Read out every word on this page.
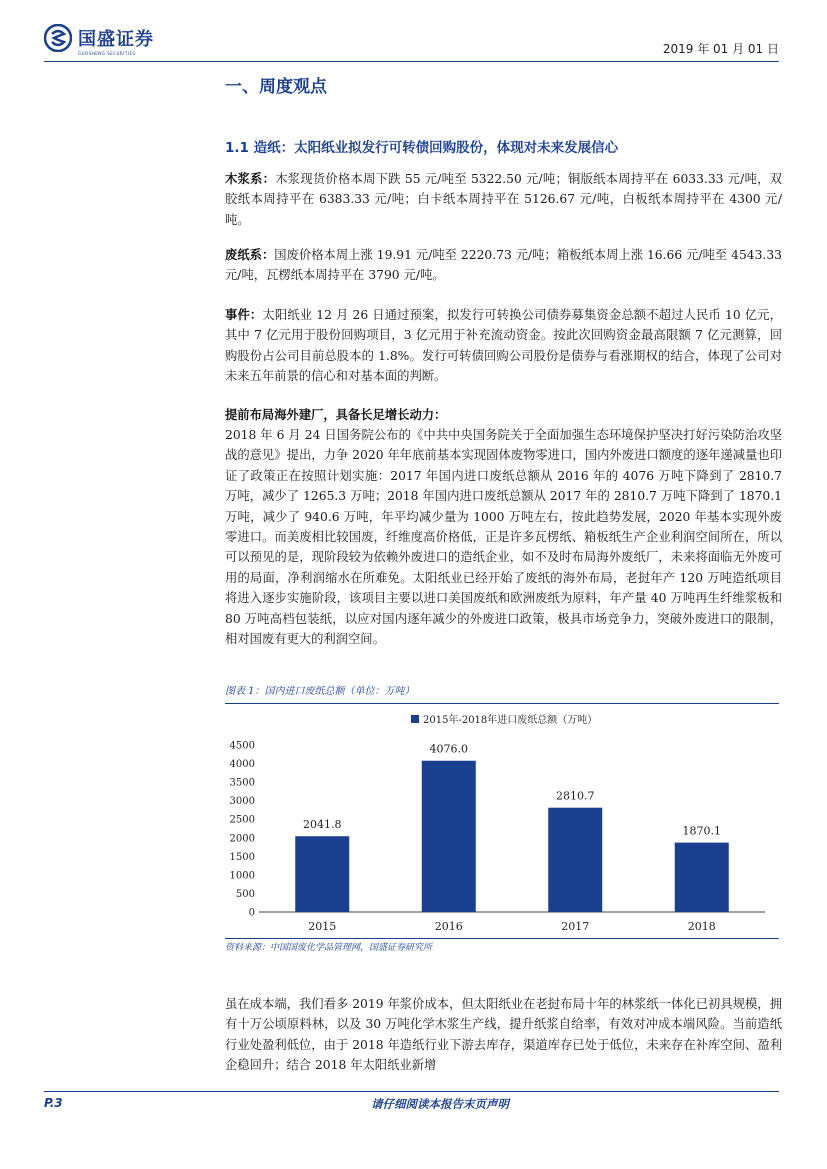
国盛证券
GUOSHENG SECURITIES	2019 年 01 月 01 日
一、周度观点
1.1 造纸：太阳纸业拟发行可转债回购股份，体现对未来发展信心

木浆系：木浆现货价格本周下跌 55 元/吨至 5322.50 元/吨；铜版纸本周持平在 6033.33 元/吨，双胶纸本周持平在 6383.33 元/吨；白卡纸本周持平在 5126.67 元/吨，白板纸本周持平在 4300 元/吨。

废纸系：国废价格本周上涨 19.91 元/吨至 2220.73 元/吨；箱板纸本周上涨 16.66 元/吨至 4543.33 元/吨，瓦楞纸本周持平在 3790 元/吨。

事件：太阳纸业 12 月 26 日通过预案，拟发行可转换公司债券募集资金总额不超过人民币 10 亿元，其中 7 亿元用于股份回购项目，3 亿元用于补充流动资金。按此次回购资金最高限额 7 亿元测算，回购股份占公司目前总股本的 1.8%。发行可转债回购公司股份是债券与看涨期权的结合，体现了公司对未来五年前景的信心和对基本面的判断。

提前布局海外建厂，具备长足增长动力：

2018 年 6 月 24 日国务院公布的《中共中央国务院关于全面加强生态环境保护坚决打好污染防治攻坚战的意见》提出，力争 2020 年年底前基本实现固体废物零进口，国内外废进口额度的逐年递减量也印证了政策正在按照计划实施：2017 年国内进口废纸总额从 2016 年的 4076 万吨下降到了 2810.7 万吨，减少了 1265.3 万吨；2018 年国内进口废纸总额从 2017 年的 2810.7 万吨下降到了 1870.1 万吨，减少了 940.6 万吨，年平均减少量为 1000 万吨左右，按此趋势发展，2020 年基本实现外废零进口。而美废相比较国废，纤维度高价格低，正是许多瓦楞纸、箱板纸生产企业利润空间所在，所以可以预见的是，现阶段较为依赖外废进口的造纸企业，如不及时布局海外废纸厂，未来将面临无外废可用的局面，净利润缩水在所难免。太阳纸业已经开始了废纸的海外布局，老挝年产 120 万吨造纸项目将进入逐步实施阶段，该项目主要以进口美国废纸和欧洲废纸为原料，年产量 40 万吨再生纤维浆板和 80 万吨高档包装纸，以应对国内逐年减少的外废进口政策，极具市场竞争力，突破外废进口的限制，相对国废有更大的利润空间。

图表 1：国内进口废纸总额（单位：万吨）
2015年-2018年进口废纸总额（万吨）
0
500
1000
1500
2000
2500
3000
3500
4000
4500
2015	2016	2017	2018
2041.8
4076.0
2810.7
1870.1
资料来源：中国国废化学品管理网，国盛证券研究所

虽在成本端，我们看多 2019 年浆价成本，但太阳纸业在老挝布局十年的林浆纸一体化已初具规模，拥有十万公顷原料林，以及 30 万吨化学木浆生产线，提升纸浆自给率，有效对冲成本端风险。当前造纸行业处盈利低位，由于 2018 年造纸行业下游去库存，渠道库存已处于低位，未来存在补库空间、盈利企稳回升；结合 2018 年太阳纸业新增

P.3	请仔细阅读本报告末页声明
